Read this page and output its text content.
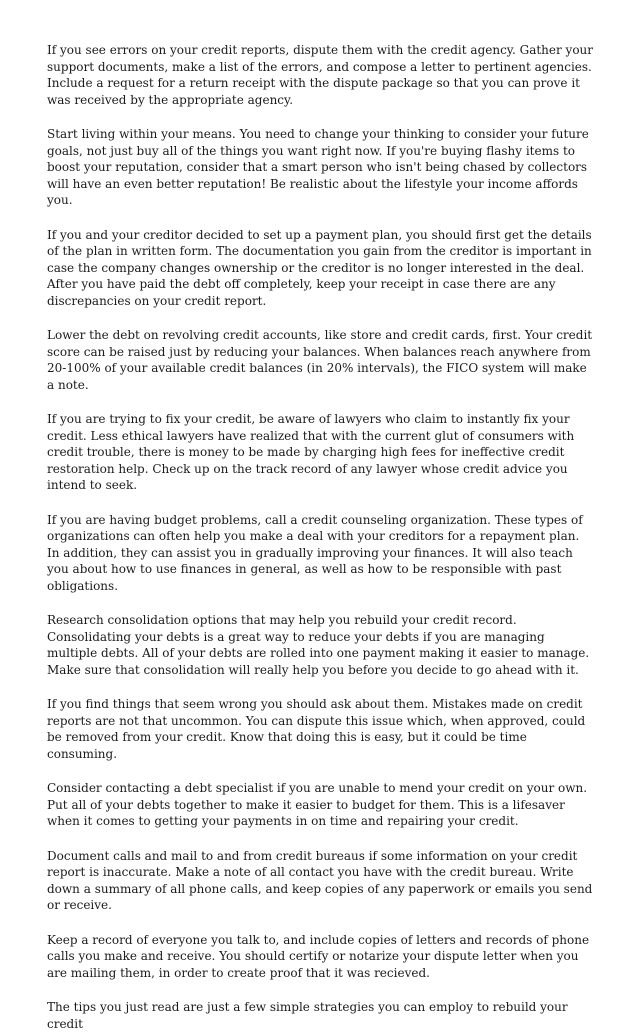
If you see errors on your credit reports, dispute them with the credit agency. Gather your support documents, make a list of the errors, and compose a letter to pertinent agencies. Include a request for a return receipt with the dispute package so that you can prove it was received by the appropriate agency.

Start living within your means. You need to change your thinking to consider your future goals, not just buy all of the things you want right now. If you're buying flashy items to boost your reputation, consider that a smart person who isn't being chased by collectors will have an even better reputation! Be realistic about the lifestyle your income affords you.

If you and your creditor decided to set up a payment plan, you should first get the details of the plan in written form. The documentation you gain from the creditor is important in case the company changes ownership or the creditor is no longer interested in the deal. After you have paid the debt off completely, keep your receipt in case there are any discrepancies on your credit report.

Lower the debt on revolving credit accounts, like store and credit cards, first. Your credit score can be raised just by reducing your balances. When balances reach anywhere from 20-100% of your available credit balances (in 20% intervals), the FICO system will make a note.

If you are trying to fix your credit, be aware of lawyers who claim to instantly fix your credit. Less ethical lawyers have realized that with the current glut of consumers with credit trouble, there is money to be made by charging high fees for ineffective credit restoration help. Check up on the track record of any lawyer whose credit advice you intend to seek.

If you are having budget problems, call a credit counseling organization. These types of organizations can often help you make a deal with your creditors for a repayment plan. In addition, they can assist you in gradually improving your finances. It will also teach you about how to use finances in general, as well as how to be responsible with past obligations.

Research consolidation options that may help you rebuild your credit record. Consolidating your debts is a great way to reduce your debts if you are managing multiple debts. All of your debts are rolled into one payment making it easier to manage. Make sure that consolidation will really help you before you decide to go ahead with it.

If you find things that seem wrong you should ask about them. Mistakes made on credit reports are not that uncommon. You can dispute this issue which, when approved, could be removed from your credit. Know that doing this is easy, but it could be time consuming.

Consider contacting a debt specialist if you are unable to mend your credit on your own. Put all of your debts together to make it easier to budget for them. This is a lifesaver when it comes to getting your payments in on time and repairing your credit.

Document calls and mail to and from credit bureaus if some information on your credit report is inaccurate. Make a note of all contact you have with the credit bureau. Write down a summary of all phone calls, and keep copies of any paperwork or emails you send or receive.

Keep a record of everyone you talk to, and include copies of letters and records of phone calls you make and receive. You should certify or notarize your dispute letter when you are mailing them, in order to create proof that it was recieved.

The tips you just read are just a few simple strategies you can employ to rebuild your credit
